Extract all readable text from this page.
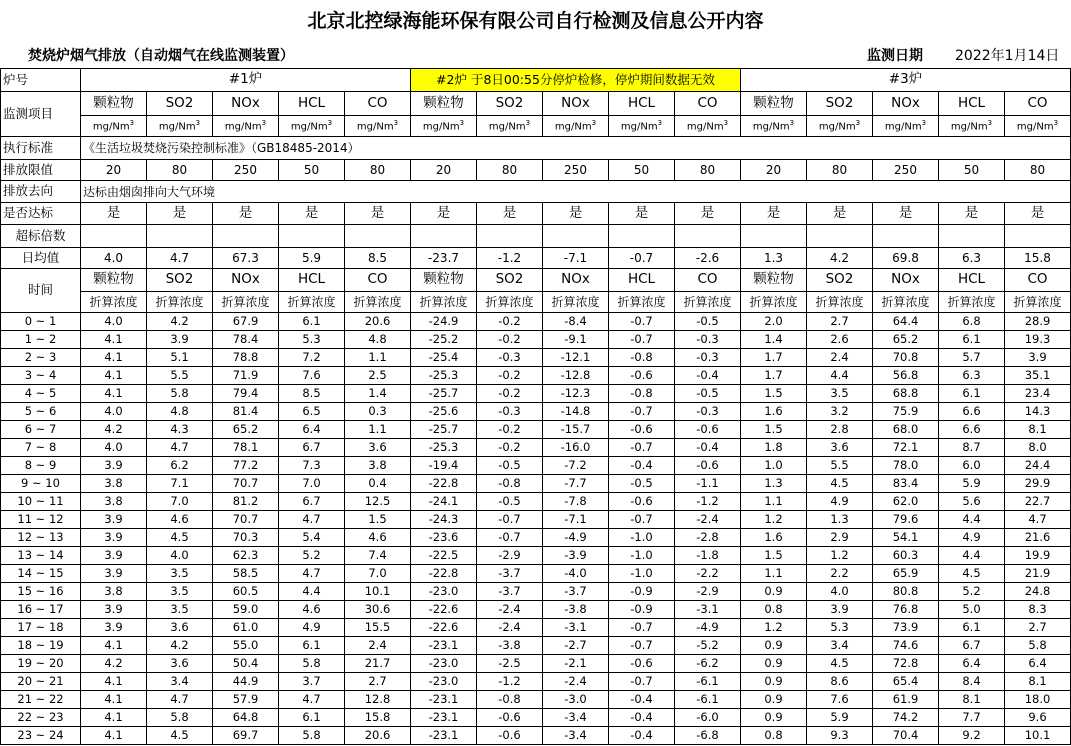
北京北控绿海能环保有限公司自行检测及信息公开内容
焚烧炉烟气排放（自动烟气在线监测装置）	监测日期 2022年1月14日
炉号	#1炉					#2炉 于8日00:55分停炉检修，停炉期间数据无效					#3炉				
监测项目	颗粒物	SO2	NOx	HCL	CO	颗粒物	SO2	NOx	HCL	CO	颗粒物	SO2	NOx	HCL	CO
	mg/Nm$^3$	mg/Nm$^3$	mg/Nm$^3$	mg/Nm$^3$	mg/Nm$^3$	mg/Nm$^3$	mg/Nm$^3$	mg/Nm$^3$	mg/Nm$^3$	mg/Nm$^3$	mg/Nm$^3$	mg/Nm$^3$	mg/Nm$^3$	mg/Nm$^3$	mg/Nm$^3$
执行标准	《生活垃圾焚烧污染控制标准》（GB18485-2014）														
排放限值	20	80	250	50	80	20	80	250	50	80	20	80	250	50	80
排放去向	达标由烟囱排向大气环境														
是否达标	是	是	是	是	是	是	是	是	是	是	是	是	是	是	是
超标倍数															
日均值	4.0	4.7	67.3	5.9	8.5	-23.7	-1.2	-7.1	-0.7	-2.6	1.3	4.2	69.8	6.3	15.8
时间	颗粒物	SO2	NOx	HCL	CO	颗粒物	SO2	NOx	HCL	CO	颗粒物	SO2	NOx	HCL	CO
	折算浓度	折算浓度	折算浓度	折算浓度	折算浓度	折算浓度	折算浓度	折算浓度	折算浓度	折算浓度	折算浓度	折算浓度	折算浓度	折算浓度	折算浓度
0 ~ 1	4.0	4.2	67.9	6.1	20.6	-24.9	-0.2	-8.4	-0.7	-0.5	2.0	2.7	64.4	6.8	28.9
1 ~ 2	4.1	3.9	78.4	5.3	4.8	-25.2	-0.2	-9.1	-0.7	-0.3	1.4	2.6	65.2	6.1	19.3
2 ~ 3	4.1	5.1	78.8	7.2	1.1	-25.4	-0.3	-12.1	-0.8	-0.3	1.7	2.4	70.8	5.7	3.9
3 ~ 4	4.1	5.5	71.9	7.6	2.5	-25.3	-0.2	-12.8	-0.6	-0.4	1.7	4.4	56.8	6.3	35.1
4 ~ 5	4.1	5.8	79.4	8.5	1.4	-25.7	-0.2	-12.3	-0.8	-0.5	1.5	3.5	68.8	6.1	23.4
5 ~ 6	4.0	4.8	81.4	6.5	0.3	-25.6	-0.3	-14.8	-0.7	-0.3	1.6	3.2	75.9	6.6	14.3
6 ~ 7	4.2	4.3	65.2	6.4	1.1	-25.7	-0.2	-15.7	-0.6	-0.6	1.5	2.8	68.0	6.6	8.1
7 ~ 8	4.0	4.7	78.1	6.7	3.6	-25.3	-0.2	-16.0	-0.7	-0.4	1.8	3.6	72.1	8.7	8.0
8 ~ 9	3.9	6.2	77.2	7.3	3.8	-19.4	-0.5	-7.2	-0.4	-0.6	1.0	5.5	78.0	6.0	24.4
9 ~ 10	3.8	7.1	70.7	7.0	0.4	-22.8	-0.8	-7.7	-0.5	-1.1	1.3	4.5	83.4	5.9	29.9
10 ~ 11	3.8	7.0	81.2	6.7	12.5	-24.1	-0.5	-7.8	-0.6	-1.2	1.1	4.9	62.0	5.6	22.7
11 ~ 12	3.9	4.6	70.7	4.7	1.5	-24.3	-0.7	-7.1	-0.7	-2.4	1.2	1.3	79.6	4.4	4.7
12 ~ 13	3.9	4.5	70.3	5.4	4.6	-23.6	-0.7	-4.9	-1.0	-2.8	1.6	2.9	54.1	4.9	21.6
13 ~ 14	3.9	4.0	62.3	5.2	7.4	-22.5	-2.9	-3.9	-1.0	-1.8	1.5	1.2	60.3	4.4	19.9
14 ~ 15	3.9	3.5	58.5	4.7	7.0	-22.8	-3.7	-4.0	-1.0	-2.2	1.1	2.2	65.9	4.5	21.9
15 ~ 16	3.8	3.5	60.5	4.4	10.1	-23.0	-3.7	-3.7	-0.9	-2.9	0.9	4.0	80.8	5.2	24.8
16 ~ 17	3.9	3.5	59.0	4.6	30.6	-22.6	-2.4	-3.8	-0.9	-3.1	0.8	3.9	76.8	5.0	8.3
17 ~ 18	3.9	3.6	61.0	4.9	15.5	-22.6	-2.4	-3.1	-0.7	-4.9	1.2	5.3	73.9	6.1	2.7
18 ~ 19	4.1	4.2	55.0	6.1	2.4	-23.1	-3.8	-2.7	-0.7	-5.2	0.9	3.4	74.6	6.7	5.8
19 ~ 20	4.2	3.6	50.4	5.8	21.7	-23.0	-2.5	-2.1	-0.6	-6.2	0.9	4.5	72.8	6.4	6.4
20 ~ 21	4.1	3.4	44.9	3.7	2.7	-23.0	-1.2	-2.4	-0.7	-6.1	0.9	8.6	65.4	8.4	8.1
21 ~ 22	4.1	4.7	57.9	4.7	12.8	-23.1	-0.8	-3.0	-0.4	-6.1	0.9	7.6	61.9	8.1	18.0
22 ~ 23	4.1	5.8	64.8	6.1	15.8	-23.1	-0.6	-3.4	-0.4	-6.0	0.9	5.9	74.2	7.7	9.6
23 ~ 24	4.1	4.5	69.7	5.8	20.6	-23.1	-0.6	-3.4	-0.4	-6.8	0.8	9.3	70.4	9.2	10.1
